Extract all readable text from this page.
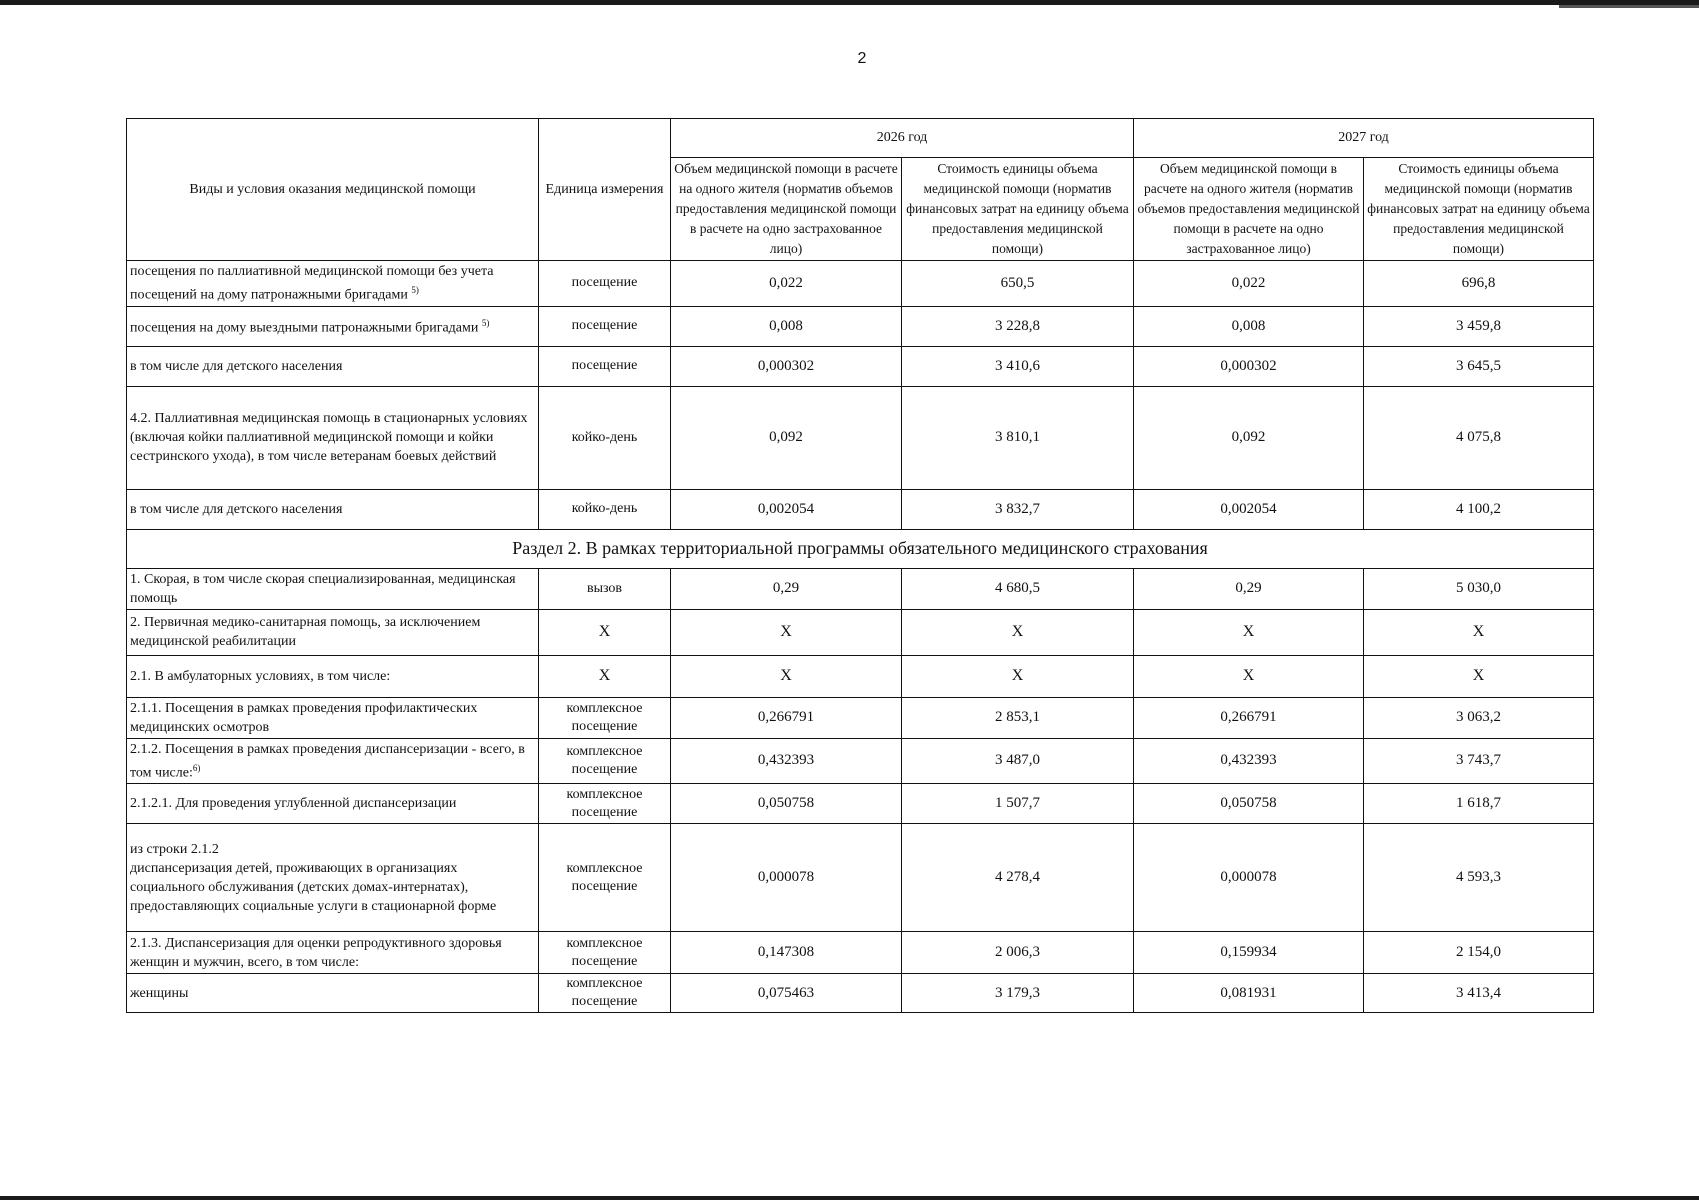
2
Виды и условия оказания медицинской помощи	Единица измерения	2026 год		2027 год	
		Объем медицинской помощи в расчете на одного жителя (норматив объемов предоставления медицинской помощи в расчете на одно застрахованное лицо)	Стоимость единицы объема медицинской помощи (норматив финансовых затрат на единицу объема предоставления медицинской помощи)	Объем медицинской помощи в расчете на одного жителя (норматив объемов предоставления медицинской помощи в расчете на одно застрахованное лицо)	Стоимость единицы объема медицинской помощи (норматив финансовых затрат на единицу объема предоставления медицинской помощи)
посещения по паллиативной медицинской помощи без учета посещений на дому патронажными бригадами $^{5)}$	посещение	0,022	650,5	0,022	696,8
посещения на дому выездными патронажными бригадами $^{5)}$	посещение	0,008	3 228,8	0,008	3 459,8
в том числе для детского населения	посещение	0,000302	3 410,6	0,000302	3 645,5
4.2. Паллиативная медицинская помощь в стационарных условиях (включая койки паллиативной медицинской помощи и койки сестринского ухода), в том числе ветеранам боевых действий	койко-день	0,092	3 810,1	0,092	4 075,8
в том числе для детского населения	койко-день	0,002054	3 832,7	0,002054	4 100,2
Раздел 2. В рамках территориальной программы обязательного медицинского страхования					
1. Скорая, в том числе скорая специализированная, медицинская помощь	вызов	0,29	4 680,5	0,29	5 030,0
2. Первичная медико-санитарная помощь, за исключением медицинской реабилитации	X	X	X	X	X
2.1. В амбулаторных условиях, в том числе:	X	X	X	X	X
2.1.1. Посещения в рамках проведения профилактических медицинских осмотров	комплексное посещение	0,266791	2 853,1	0,266791	3 063,2
2.1.2. Посещения в рамках проведения диспансеризации - всего, в том числе:$^{6)}$	комплексное посещение	0,432393	3 487,0	0,432393	3 743,7
2.1.2.1. Для проведения углубленной диспансеризации	комплексное посещение	0,050758	1 507,7	0,050758	1 618,7

из строки 2.1.2
диспансеризация детей, проживающих в организациях социального обслуживания (детских домах-интернатах), предоставляющих социальные услуги в стационарной форме	комплексное посещение	0,000078	4 278,4	0,000078	4 593,3
2.1.3. Диспансеризация для оценки репродуктивного здоровья женщин и мужчин, всего, в том числе:	комплексное посещение	0,147308	2 006,3	0,159934	2 154,0
женщины	комплексное посещение	0,075463	3 179,3	0,081931	3 413,4
